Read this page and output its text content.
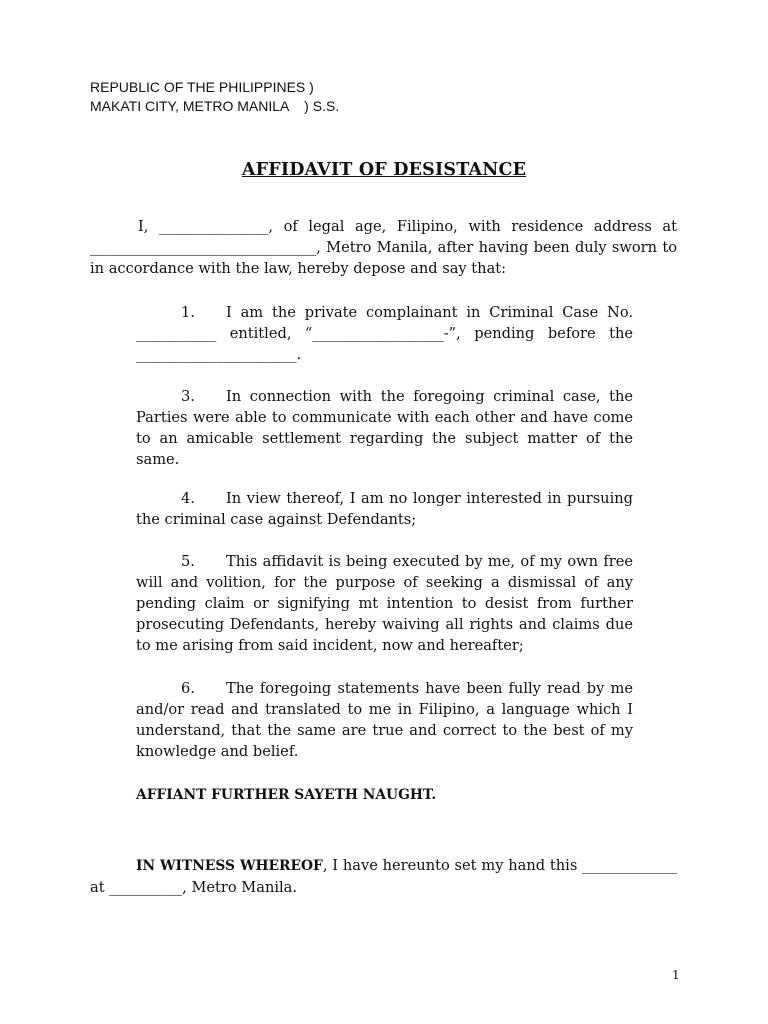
REPUBLIC OF THE PHILIPPINES )
MAKATI CITY, METRO MANILA    ) S.S.
AFFIDAVIT OF DESISTANCE

I, _______________, of legal age, Filipino, with residence address at _______________________________, Metro Manila, after having been duly sworn to in accordance with the law, hereby depose and say that:

1. I am the private complainant in Criminal Case No. ___________ entitled, “__________________-”, pending before the ______________________.

3. In connection with the foregoing criminal case, the Parties were able to communicate with each other and have come to an amicable settlement regarding the subject matter of the same.

4. In view thereof, I am no longer interested in pursuing the criminal case against Defendants;

5. This affidavit is being executed by me, of my own free will and volition, for the purpose of seeking a dismissal of any pending claim or signifying mt intention to desist from further prosecuting Defendants, hereby waiving all rights and claims due to me arising from said incident, now and hereafter;

6. The foregoing statements have been fully read by me and/or read and translated to me in Filipino, a language which I understand, that the same are true and correct to the best of my knowledge and belief.

AFFIANT FURTHER SAYETH NAUGHT.

IN WITNESS WHEREOF, I have hereunto set my hand this _____________ at __________, Metro Manila.

1
